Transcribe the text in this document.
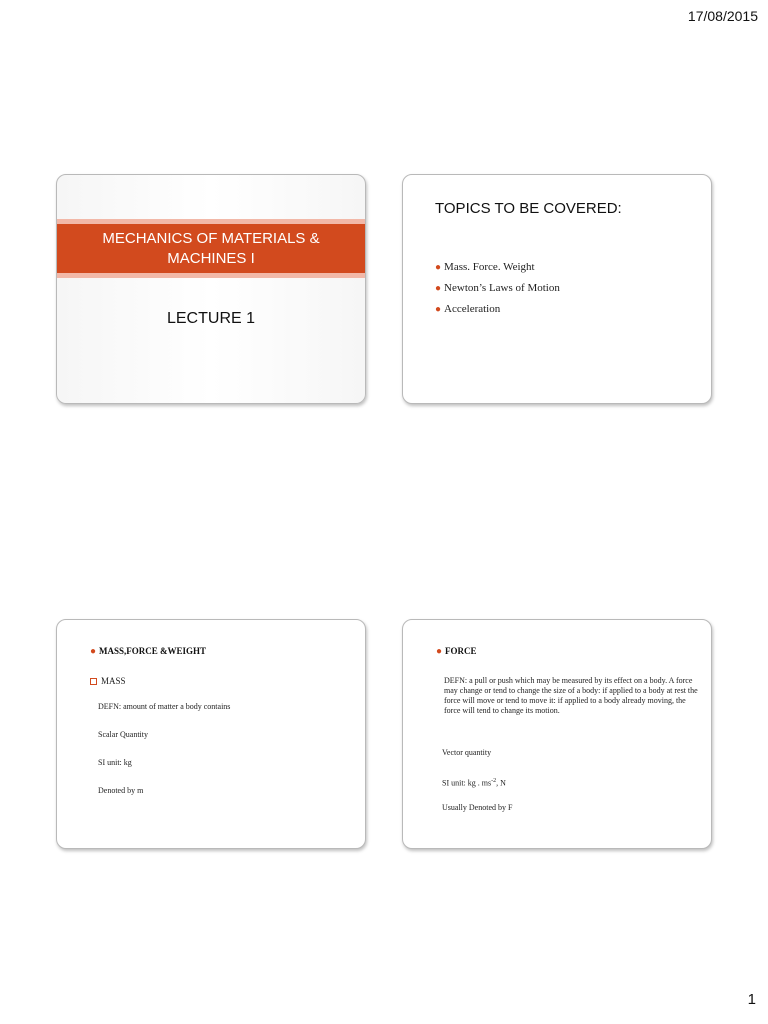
17/08/2015
MECHANICS OF MATERIALS & MACHINES I
LECTURE 1
TOPICS TO BE COVERED:
● Mass. Force. Weight
● Newton’s Laws of Motion
● Acceleration
● MASS,FORCE &WEIGHT
MASS
DEFN: amount of matter a body contains
Scalar Quantity
SI unit: kg
Denoted by m
● FORCE
DEFN: a pull or push which may be measured by its effect on a body. A force may change or tend to change the size of a body: if applied to a body at rest the force will move or tend to move it: if applied to a body already moving, the force will tend to change its motion.
Vector quantity
SI unit: kg . $ms^{-2}$, N
Usually Denoted by F
1
